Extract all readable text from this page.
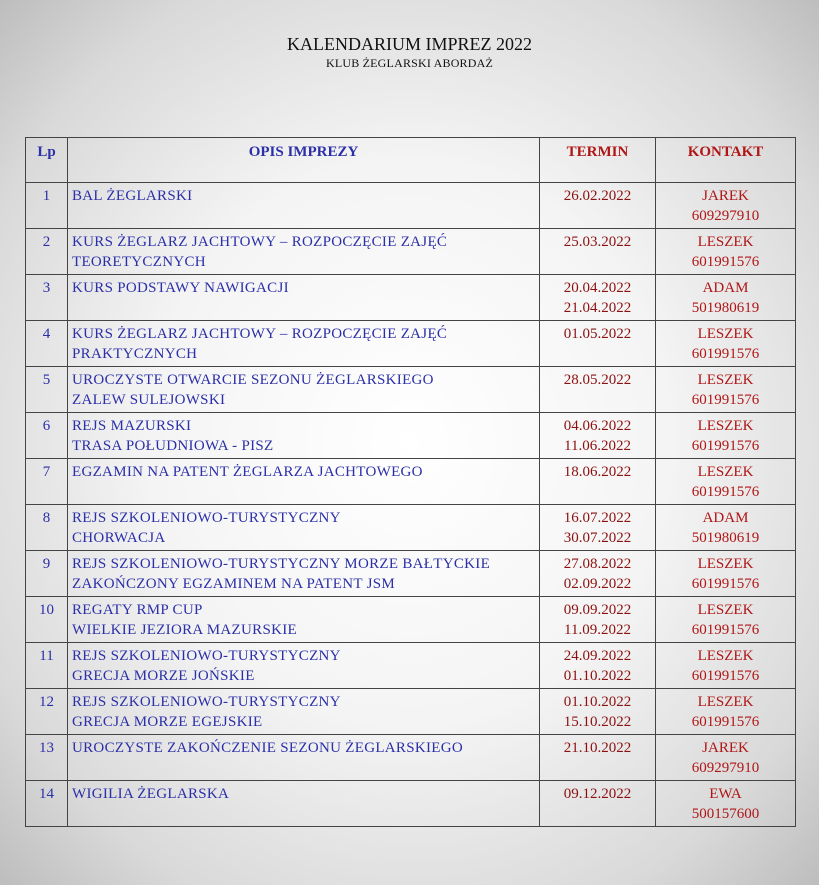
KALENDARIUM IMPREZ 2022
KLUB ŻEGLARSKI ABORDAŻ
Lp	OPIS IMPREZY	TERMIN	KONTAKT

1	BAL ŻEGLARSKI	26.02.2022	JAREK
609297910

2	KURS ŻEGLARZ JACHTOWY – ROZPOCZĘCIE ZAJĘĆ
TEORETYCZNYCH	25.03.2022	LESZEK
601991576

3	KURS PODSTAWY NAWIGACJI	20.04.2022
21.04.2022	ADAM
501980619

4	KURS ŻEGLARZ JACHTOWY – ROZPOCZĘCIE ZAJĘĆ
PRAKTYCZNYCH	01.05.2022	LESZEK
601991576

5	UROCZYSTE OTWARCIE SEZONU ŻEGLARSKIEGO
ZALEW SULEJOWSKI	28.05.2022	LESZEK
601991576

6	REJS MAZURSKI
TRASA POŁUDNIOWA - PISZ	04.06.2022
11.06.2022	LESZEK
601991576

7	EGZAMIN NA PATENT ŻEGLARZA JACHTOWEGO	18.06.2022	LESZEK
601991576

8	REJS SZKOLENIOWO-TURYSTYCZNY
CHORWACJA	16.07.2022
30.07.2022	ADAM
501980619

9	REJS SZKOLENIOWO-TURYSTYCZNY MORZE BAŁTYCKIE
ZAKOŃCZONY EGZAMINEM NA PATENT JSM	27.08.2022
02.09.2022	LESZEK
601991576

10	REGATY RMP CUP
WIELKIE JEZIORA MAZURSKIE	09.09.2022
11.09.2022	LESZEK
601991576

11	REJS SZKOLENIOWO-TURYSTYCZNY
GRECJA MORZE JOŃSKIE	24.09.2022
01.10.2022	LESZEK
601991576

12	REJS SZKOLENIOWO-TURYSTYCZNY
GRECJA MORZE EGEJSKIE	01.10.2022
15.10.2022	LESZEK
601991576

13	UROCZYSTE ZAKOŃCZENIE SEZONU ŻEGLARSKIEGO	21.10.2022	JAREK
609297910

14	WIGILIA ŻEGLARSKA	09.12.2022	EWA
500157600
